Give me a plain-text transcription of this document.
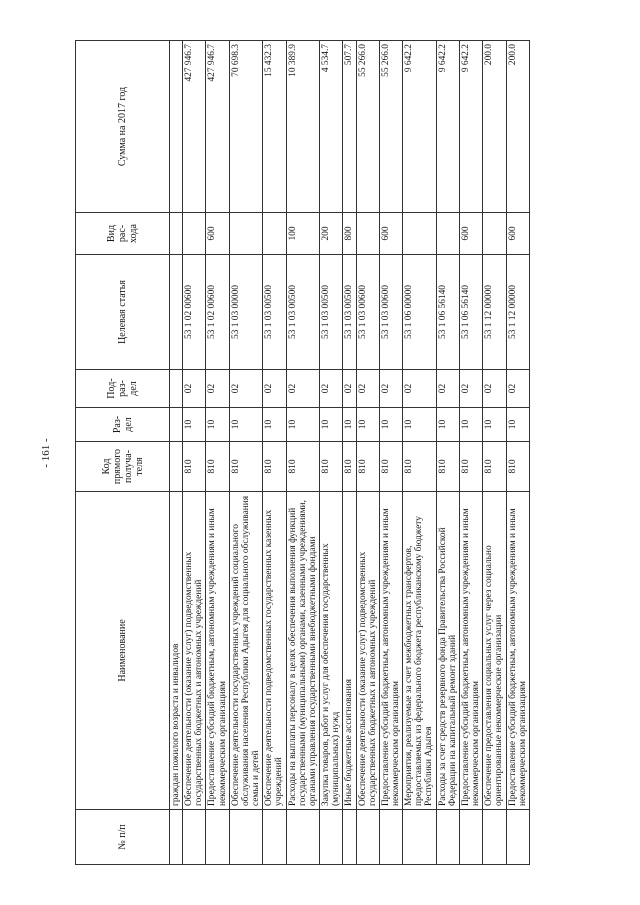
- 161 -
№ п/п	Наименование	Код прямого получа-теля	Раз-дел	Под-раз-дел	Целевая статья	Вид рас-хода	Сумма на 2017 год
	граждан пожилого возраста и инвалидов						
	Обеспечение деятельности (оказание услуг) подведомственных государственных бюджетных и автономных учреждений	810	10	02	53 1 02 00600		427 946.7
	Предоставление субсидий бюджетным, автономным учреждениям и иным некоммерческим организациям	810	10	02	53 1 02 00600	600	427 946.7
	Обеспечение деятельности государственных учреждений социального обслуживания населения Республики Адыгея для социального обслуживания семьи и детей	810	10	02	53 1 03 00000		70 698.3
	Обеспечение деятельности подведомственных государственных казенных учреждений	810	10	02	53 1 03 00500		15 432.3
	Расходы на выплаты персоналу в целях обеспечения выполнения функций государственными (муниципальными) органами, казенными учреждениями, органами управления государственными внебюджетными фондами	810	10	02	53 1 03 00500	100	10 389.9
	Закупка товаров, работ и услуг для обеспечения государственных (муниципальных) нужд	810	10	02	53 1 03 00500	200	4 534.7
	Иные бюджетные ассигнования	810	10	02	53 1 03 00500	800	507.7
	Обеспечение деятельности (оказание услуг) подведомственных государственных бюджетных и автономных учреждений	810	10	02	53 1 03 00600		55 266.0
	Предоставление субсидий бюджетным, автономным учреждениям и иным некоммерческим организациям	810	10	02	53 1 03 00600	600	55 266.0
	Мероприятия, реализуемые за счет межбюджетных трансфертов, предоставляемых из федерального бюджета республиканскому бюджету Республики Адыгея	810	10	02	53 1 06 00000		9 642.2
	Расходы за счет средств резервного фонда Правительства Российской Федерации на капитальный ремонт зданий	810	10	02	53 1 06 56140		9 642.2
	Предоставление субсидий бюджетным, автономным учреждениям и иным некоммерческим организациям	810	10	02	53 1 06 56140	600	9 642.2
	Обеспечение предоставления социальных услуг через социально ориентированные некоммерческие организации	810	10	02	53 1 12 00000		200.0
	Предоставление субсидий бюджетным, автономным учреждениям и иным некоммерческим организациям	810	10	02	53 1 12 00000	600	200.0
